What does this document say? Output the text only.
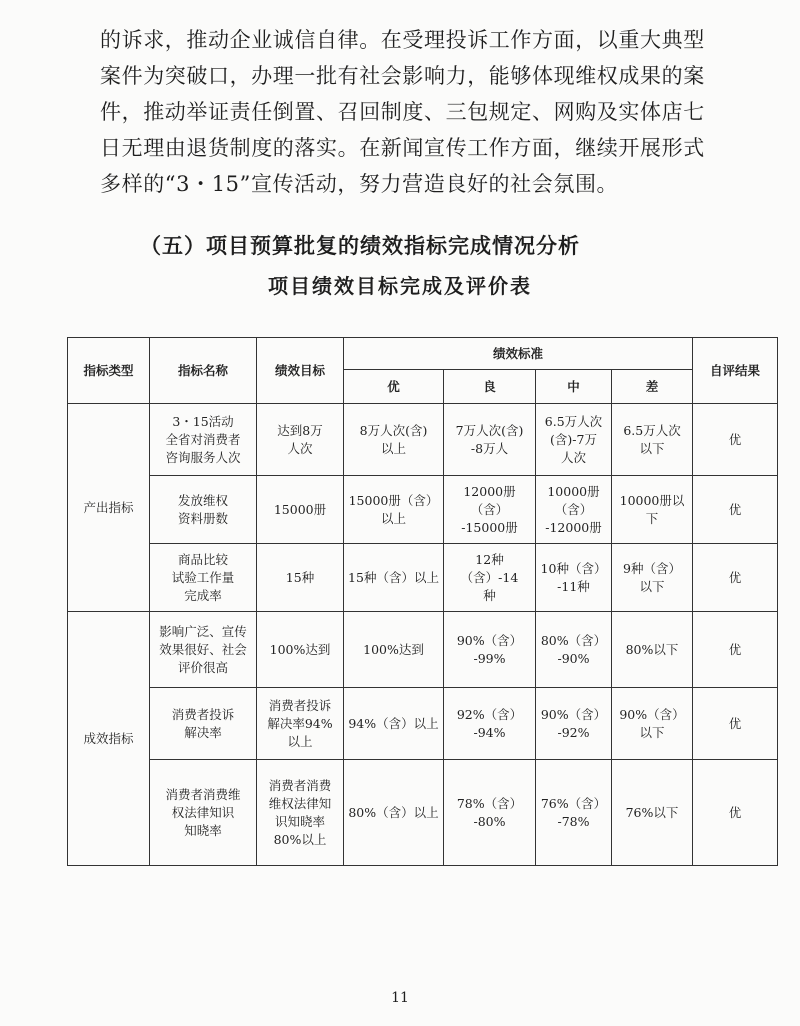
的诉求，推动企业诚信自律。在受理投诉工作方面，以重大典型
案件为突破口，办理一批有社会影响力，能够体现维权成果的案
件，推动举证责任倒置、召回制度、三包规定、网购及实体店七
日无理由退货制度的落实。在新闻宣传工作方面，继续开展形式
多样的“3・15”宣传活动，努力营造良好的社会氛围。
（五）项目预算批复的绩效指标完成情况分析
项目绩效目标完成及评价表
指标类型	指标名称	绩效目标	绩效标准				自评结果
			优	良	中	差	

产出指标	3・15活动
全省对消费者
咨询服务人次	达到8万
人次	8万人次(含)
以上	7万人次(含)
-8万人	6.5万人次
(含)-7万
人次	6.5万人次
以下	优

	发放维权
资料册数	15000册	15000册（含）
以上	12000册（含）
-15000册	10000册
（含）
-12000册	10000册以
下	优

	商品比较
试验工作量
完成率	15种	15种（含）以上	12种（含）-14
种	10种（含）
-11种	9种（含）
以下	优

成效指标	影响广泛、宣传
效果很好、社会
评价很高	100%达到	100%达到	90%（含）
-99%	80%（含）
-90%	80%以下	优

	消费者投诉
解决率	消费者投诉
解决率94%
以上	94%（含）以上	92%（含）
-94%	90%（含）
-92%	90%（含）
以下	优

	消费者消费维
权法律知识
知晓率	消费者消费
维权法律知
识知晓率
80%以上	80%（含）以上	78%（含）
-80%	76%（含）
-78%	76%以下	优

11
